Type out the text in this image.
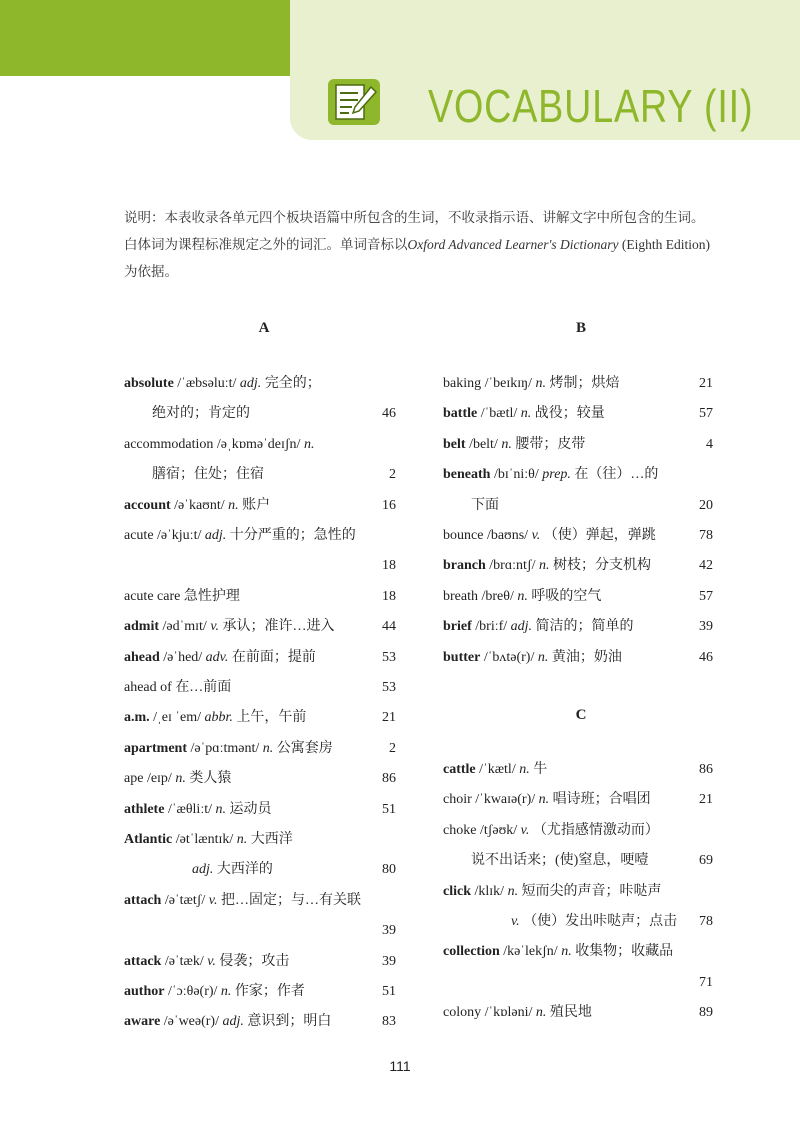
VOCABULARY (II)

说明：本表收录各单元四个板块语篇中所包含的生词，不收录指示语、讲解文字中所包含的生词。

白体词为课程标准规定之外的词汇。单词音标以Oxford Advanced Learner's Dictionary (Eighth Edition)

为依据。

A
absolute /ˈæbsəluːt/ adj. 完全的；
绝对的；肯定的	46
accommodation /əˌkɒməˈdeɪʃn/ n.
膳宿；住处；住宿	2
account /əˈkaʊnt/ n. 账户	16
acute /əˈkjuːt/ adj. 十分严重的；急性的
18
acute care 急性护理	18
admit /ədˈmɪt/ v. 承认；准许…进入	44
ahead /əˈhed/ adv. 在前面；提前	53
ahead of 在…前面	53
a.m. /ˌeɪ ˈem/ abbr. 上午，午前	21
apartment /əˈpɑːtmənt/ n. 公寓套房	2
ape /eɪp/ n. 类人猿	86
athlete /ˈæθliːt/ n. 运动员	51
Atlantic /ətˈlæntɪk/ n. 大西洋
adj. 大西洋的	80
attach /əˈtætʃ/ v. 把…固定；与…有关联
39
attack /əˈtæk/ v. 侵袭；攻击	39
author /ˈɔːθə(r)/ n. 作家；作者	51
aware /əˈweə(r)/ adj. 意识到；明白	83
B
baking /ˈbeɪkɪŋ/ n. 烤制；烘焙	21
battle /ˈbætl/ n. 战役；较量	57
belt /belt/ n. 腰带；皮带	4
beneath /bɪˈniːθ/ prep. 在（往）…的
下面	20
bounce /baʊns/ v. （使）弹起，弹跳	78
branch /brɑːntʃ/ n. 树枝；分支机构	42
breath /breθ/ n. 呼吸的空气	57
brief /briːf/ adj. 简洁的；简单的	39
butter /ˈbʌtə(r)/ n. 黄油；奶油	46
C
cattle /ˈkætl/ n. 牛	86
choir /ˈkwaɪə(r)/ n. 唱诗班；合唱团	21
choke /tʃəʊk/ v. （尤指感情激动而）
说不出话来；(使)窒息，哽噎	69
click /klɪk/ n. 短而尖的声音；咔哒声
v. （使）发出咔哒声；点击	78
collection /kəˈlekʃn/ n. 收集物；收藏品
71
colony /ˈkɒləni/ n. 殖民地	89
111
